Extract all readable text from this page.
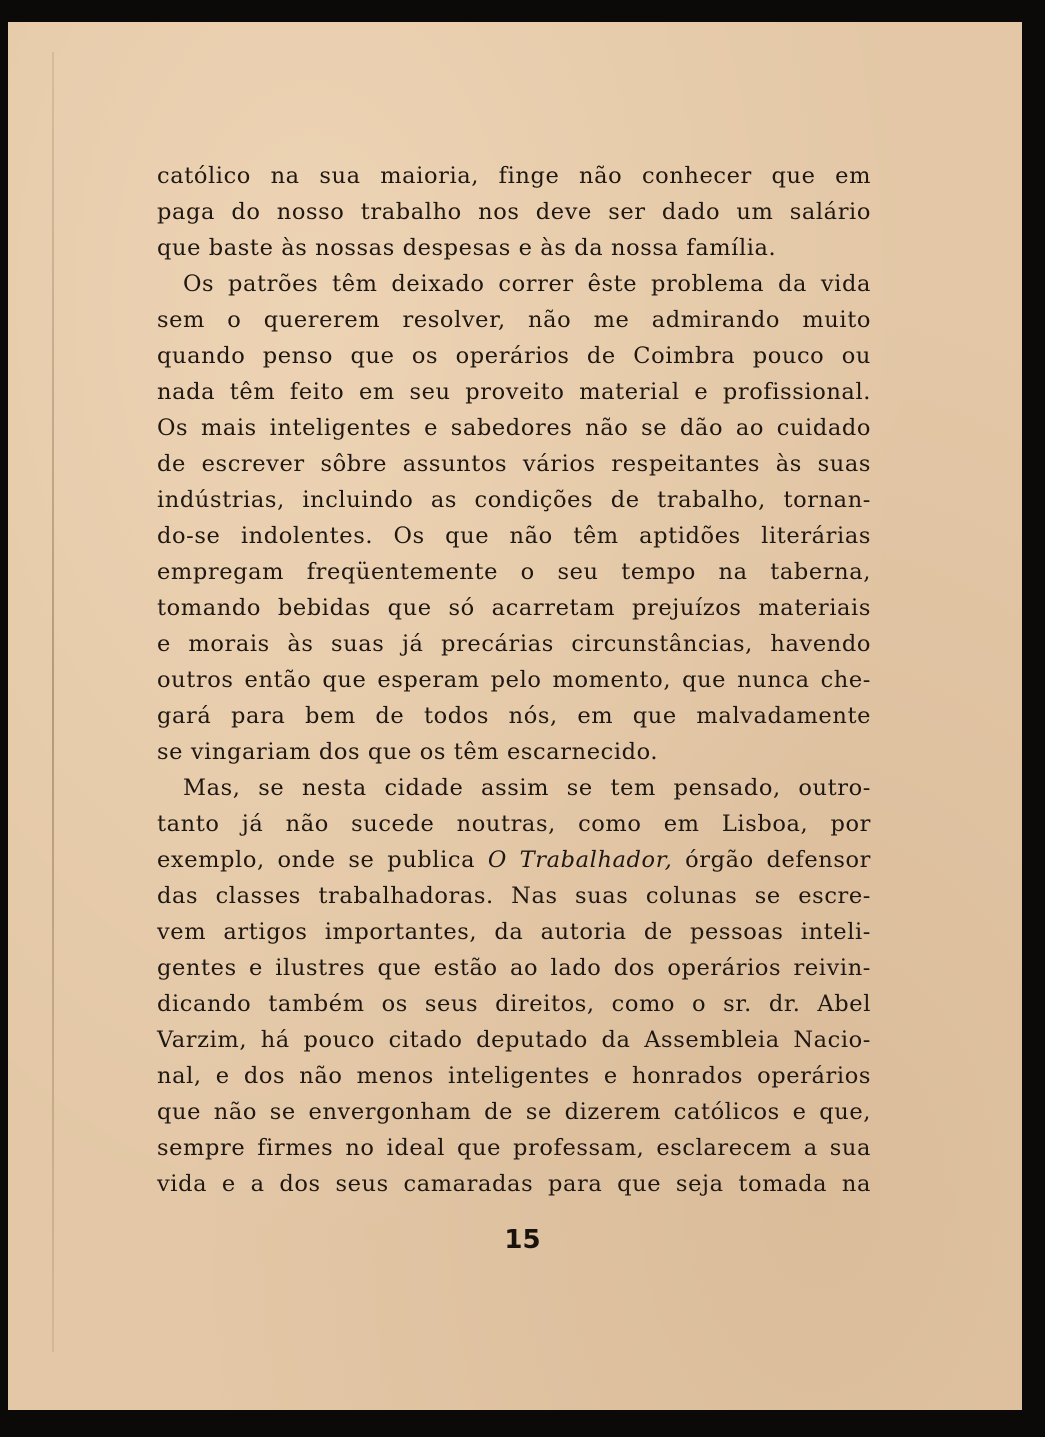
católico na sua maioria, finge não conhecer que em
paga do nosso trabalho nos deve ser dado um salário
que baste às nossas despesas e às da nossa família.
Os patrões têm deixado correr êste problema da vida
sem o quererem resolver, não me admirando muito
quando penso que os operários de Coimbra pouco ou
nada têm feito em seu proveito material e profissional.
Os mais inteligentes e sabedores não se dão ao cuidado
de escrever sôbre assuntos vários respeitantes às suas
indústrias, incluindo as condições de trabalho, tornan-
do-se indolentes. Os que não têm aptidões literárias
empregam freqüentemente o seu tempo na taberna,
tomando bebidas que só acarretam prejuízos materiais
e morais às suas já precárias circunstâncias, havendo
outros então que esperam pelo momento, que nunca che-
gará para bem de todos nós, em que malvadamente
se vingariam dos que os têm escarnecido.
Mas, se nesta cidade assim se tem pensado, outro-
tanto já não sucede noutras, como em Lisboa, por
exemplo, onde se publica O Trabalhador, órgão defensor
das classes trabalhadoras. Nas suas colunas se escre-
vem artigos importantes, da autoria de pessoas inteli-
gentes e ilustres que estão ao lado dos operários reivin-
dicando também os seus direitos, como o sr. dr. Abel
Varzim, há pouco citado deputado da Assembleia Nacio-
nal, e dos não menos inteligentes e honrados operários
que não se envergonham de se dizerem católicos e que,
sempre firmes no ideal que professam, esclarecem a sua
vida e a dos seus camaradas para que seja tomada na
15
